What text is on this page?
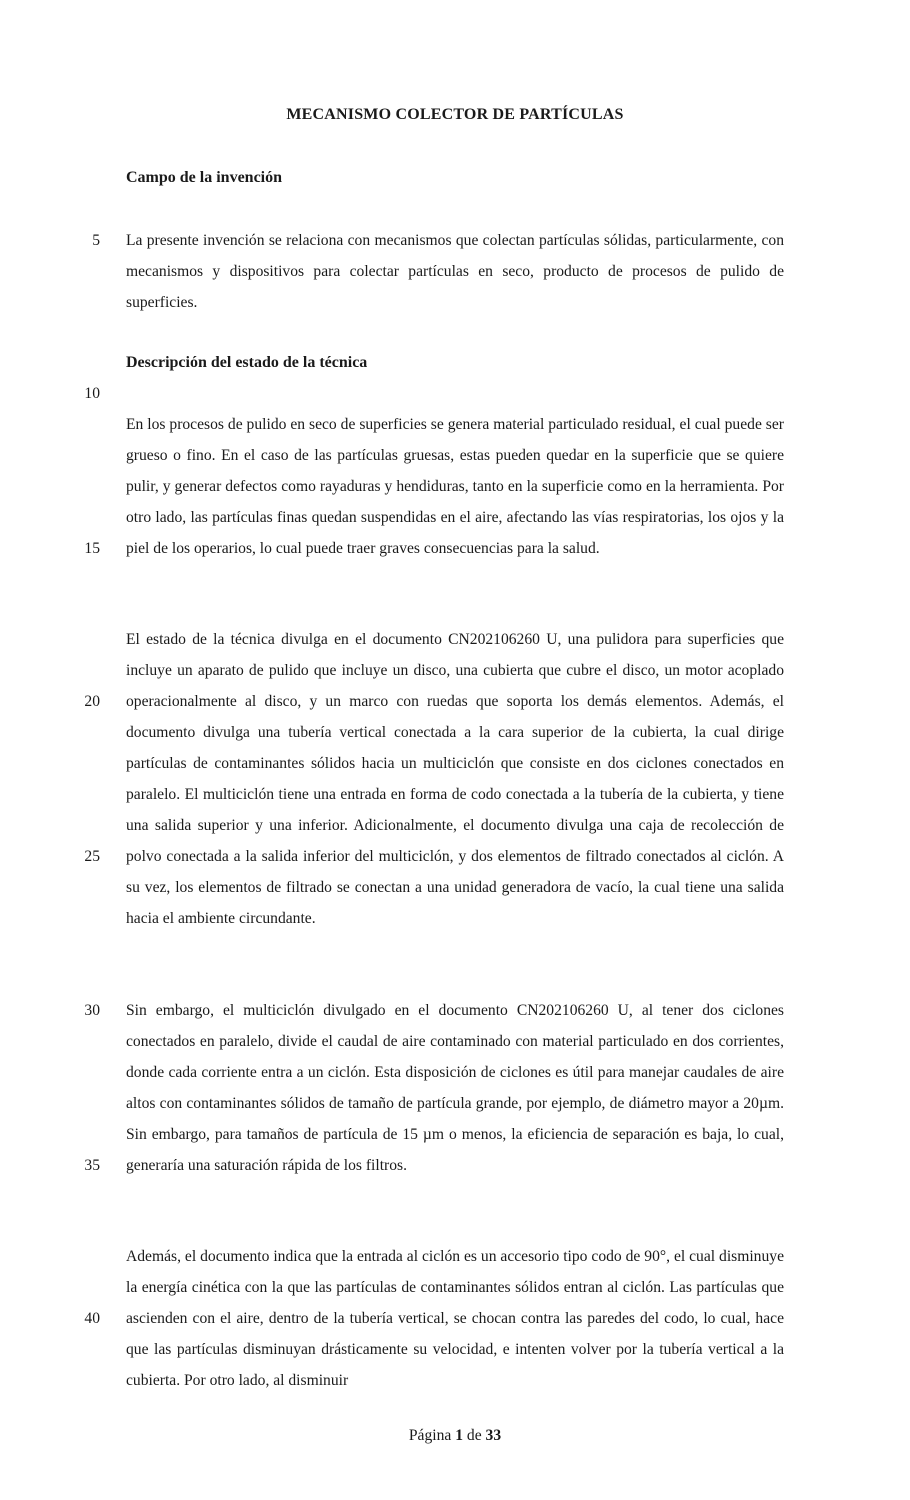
MECANISMO COLECTOR DE PARTÍCULAS
Campo de la invención
5 La presente invención se relaciona con mecanismos que colectan partículas sólidas, particularmente, con mecanismos y dispositivos para colectar partículas en seco, producto de procesos de pulido de superficies.
Descripción del estado de la técnica
10
En los procesos de pulido en seco de superficies se genera material particulado residual, el cual puede ser grueso o fino. En el caso de las partículas gruesas, estas pueden quedar en la superficie que se quiere pulir, y generar defectos como rayaduras y hendiduras, tanto en la superficie como en la herramienta. Por otro lado, las partículas finas quedan suspendidas en el aire, afectando las vías respiratorias, los ojos y la piel de los operarios, lo cual puede traer graves consecuencias para la salud.
15
El estado de la técnica divulga en el documento CN202106260 U, una pulidora para superficies que incluye un aparato de pulido que incluye un disco, una cubierta que cubre el disco, un motor acoplado operacionalmente al disco, y un marco con ruedas que soporta los demás elementos. Además, el documento divulga una tubería vertical conectada a la cara superior de la cubierta, la cual dirige partículas de contaminantes sólidos hacia un multiciclón que consiste en dos ciclones conectados en paralelo. El multiciclón tiene una entrada en forma de codo conectada a la tubería de la cubierta, y tiene una salida superior y una inferior. Adicionalmente, el documento divulga una caja de recolección de polvo conectada a la salida inferior del multiciclón, y dos elementos de filtrado conectados al ciclón. A su vez, los elementos de filtrado se conectan a una unidad generadora de vacío, la cual tiene una salida hacia el ambiente circundante.
20
25
Sin embargo, el multiciclón divulgado en el documento CN202106260 U, al tener dos ciclones conectados en paralelo, divide el caudal de aire contaminado con material particulado en dos corrientes, donde cada corriente entra a un ciclón. Esta disposición de ciclones es útil para manejar caudales de aire altos con contaminantes sólidos de tamaño de partícula grande, por ejemplo, de diámetro mayor a 20µm. Sin embargo, para tamaños de partícula de 15 µm o menos, la eficiencia de separación es baja, lo cual, generaría una saturación rápida de los filtros.
30
35
Además, el documento indica que la entrada al ciclón es un accesorio tipo codo de 90°, el cual disminuye la energía cinética con la que las partículas de contaminantes sólidos entran al ciclón. Las partículas que ascienden con el aire, dentro de la tubería vertical, se chocan contra las paredes del codo, lo cual, hace que las partículas disminuyan drásticamente su velocidad, e intenten volver por la tubería vertical a la cubierta. Por otro lado, al disminuir
40
Página 1 de 33
